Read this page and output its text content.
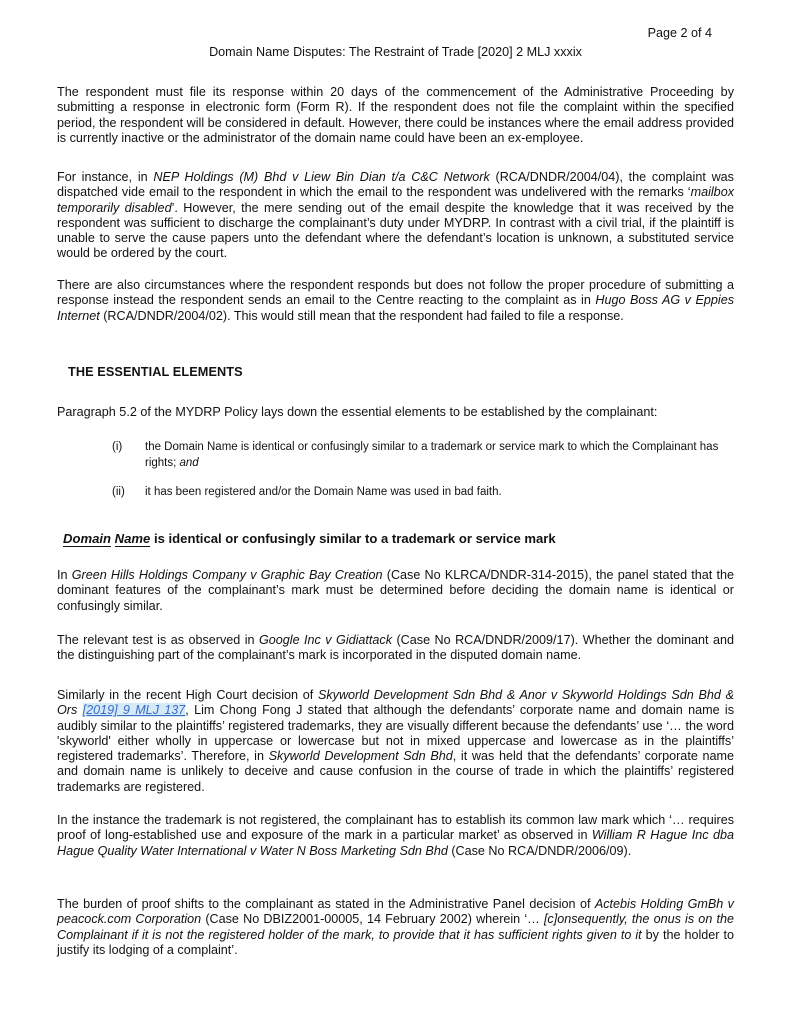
Page 2 of 4
Domain Name Disputes: The Restraint of Trade [2020] 2 MLJ xxxix
The respondent must file its response within 20 days of the commencement of the Administrative Proceeding by submitting a response in electronic form (Form R). If the respondent does not file the complaint within the specified period, the respondent will be considered in default. However, there could be instances where the email address provided is currently inactive or the administrator of the domain name could have been an ex-employee.
For instance, in NEP Holdings (M) Bhd v Liew Bin Dian t/a C&C Network (RCA/DNDR/2004/04), the complaint was dispatched vide email to the respondent in which the email to the respondent was undelivered with the remarks ‘mailbox temporarily disabled’. However, the mere sending out of the email despite the knowledge that it was received by the respondent was sufficient to discharge the complainant’s duty under MYDRP. In contrast with a civil trial, if the plaintiff is unable to serve the cause papers unto the defendant where the defendant’s location is unknown, a substituted service would be ordered by the court.
There are also circumstances where the respondent responds but does not follow the proper procedure of submitting a response instead the respondent sends an email to the Centre reacting to the complaint as in Hugo Boss AG v Eppies Internet (RCA/DNDR/2004/02). This would still mean that the respondent had failed to file a response.
THE ESSENTIAL ELEMENTS
Paragraph 5.2 of the MYDRP Policy lays down the essential elements to be established by the complainant:
(i)	the Domain Name is identical or confusingly similar to a trademark or service mark to which the Complainant has rights; and
(ii)	it has been registered and/or the Domain Name was used in bad faith.
Domain Name is identical or confusingly similar to a trademark or service mark
In Green Hills Holdings Company v Graphic Bay Creation (Case No KLRCA/DNDR-314-2015), the panel stated that the dominant features of the complainant’s mark must be determined before deciding the domain name is identical or confusingly similar.
The relevant test is as observed in Google Inc v Gidiattack (Case No RCA/DNDR/2009/17). Whether the dominant and the distinguishing part of the complainant’s mark is incorporated in the disputed domain name.
Similarly in the recent High Court decision of Skyworld Development Sdn Bhd & Anor v Skyworld Holdings Sdn Bhd & Ors [2019] 9 MLJ 137, Lim Chong Fong J stated that although the defendants’ corporate name and domain name is audibly similar to the plaintiffs’ registered trademarks, they are visually different because the defendants’ use ‘… the word 'skyworld' either wholly in uppercase or lowercase but not in mixed uppercase and lowercase as in the plaintiffs’ registered trademarks’. Therefore, in Skyworld Development Sdn Bhd, it was held that the defendants’ corporate name and domain name is unlikely to deceive and cause confusion in the course of trade in which the plaintiffs’ registered trademarks are registered.
In the instance the trademark is not registered, the complainant has to establish its common law mark which ‘… requires proof of long-established use and exposure of the mark in a particular market’ as observed in William R Hague Inc dba Hague Quality Water International v Water N Boss Marketing Sdn Bhd (Case No RCA/DNDR/2006/09).
The burden of proof shifts to the complainant as stated in the Administrative Panel decision of Actebis Holding GmBh v peacock.com Corporation (Case No DBIZ2001-00005, 14 February 2002) wherein ‘… [c]onsequently, the onus is on the Complainant if it is not the registered holder of the mark, to provide that it has sufficient rights given to it by the holder to justify its lodging of a complaint’.
